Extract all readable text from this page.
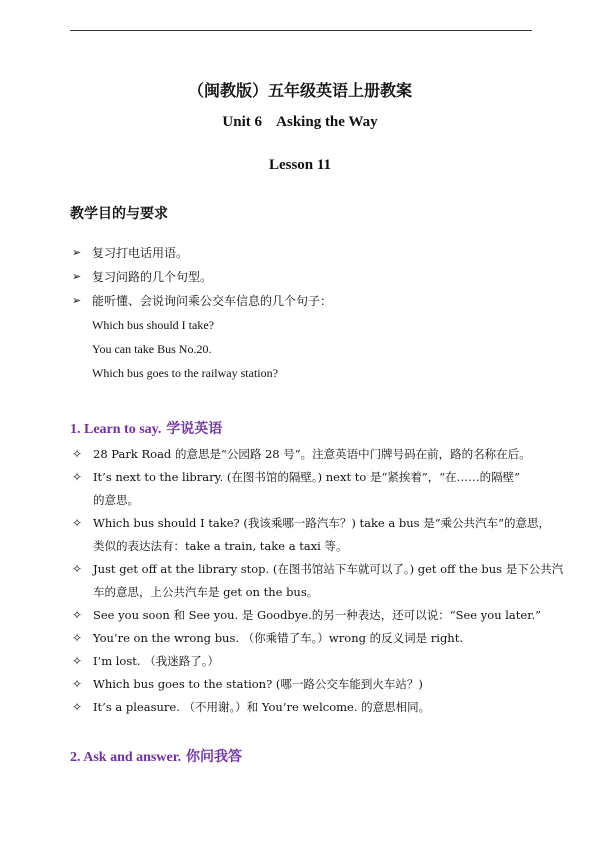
（闽教版）五年级英语上册教案
Unit 6    Asking the Way
Lesson 11
教学目的与要求
➢ 复习打电话用语。
➢ 复习问路的几个句型。
➢ 能听懂、会说询问乘公交车信息的几个句子：
Which bus should I take?
You can take Bus No.20.
Which bus goes to the railway station?
1. Learn to say. 学说英语
✧ 28 Park Road 的意思是“公园路 28 号”。注意英语中门牌号码在前，路的名称在后。
✧ It’s next to the library. (在图书馆的隔壁。) next to 是“紧挨着”，“在……的隔壁”
的意思。
✧ Which bus should I take? (我该乘哪一路汽车？) take a bus 是“乘公共汽车”的意思，
类似的表达法有：take a train, take a taxi 等。
✧ Just get off at the library stop. (在图书馆站下车就可以了。) get off the bus 是下公共汽
车的意思，上公共汽车是 get on the bus。
✧ See you soon 和 See you. 是 Goodbye.的另一种表达，还可以说：“See you later.”
✧ You’re on the wrong bus. （你乘错了车。）wrong 的反义词是 right.
✧ I’m lost. （我迷路了。）
✧ Which bus goes to the station? (哪一路公交车能到火车站？)
✧ It’s a pleasure. （不用谢。）和 You’re welcome. 的意思相同。
2. Ask and answer. 你问我答
